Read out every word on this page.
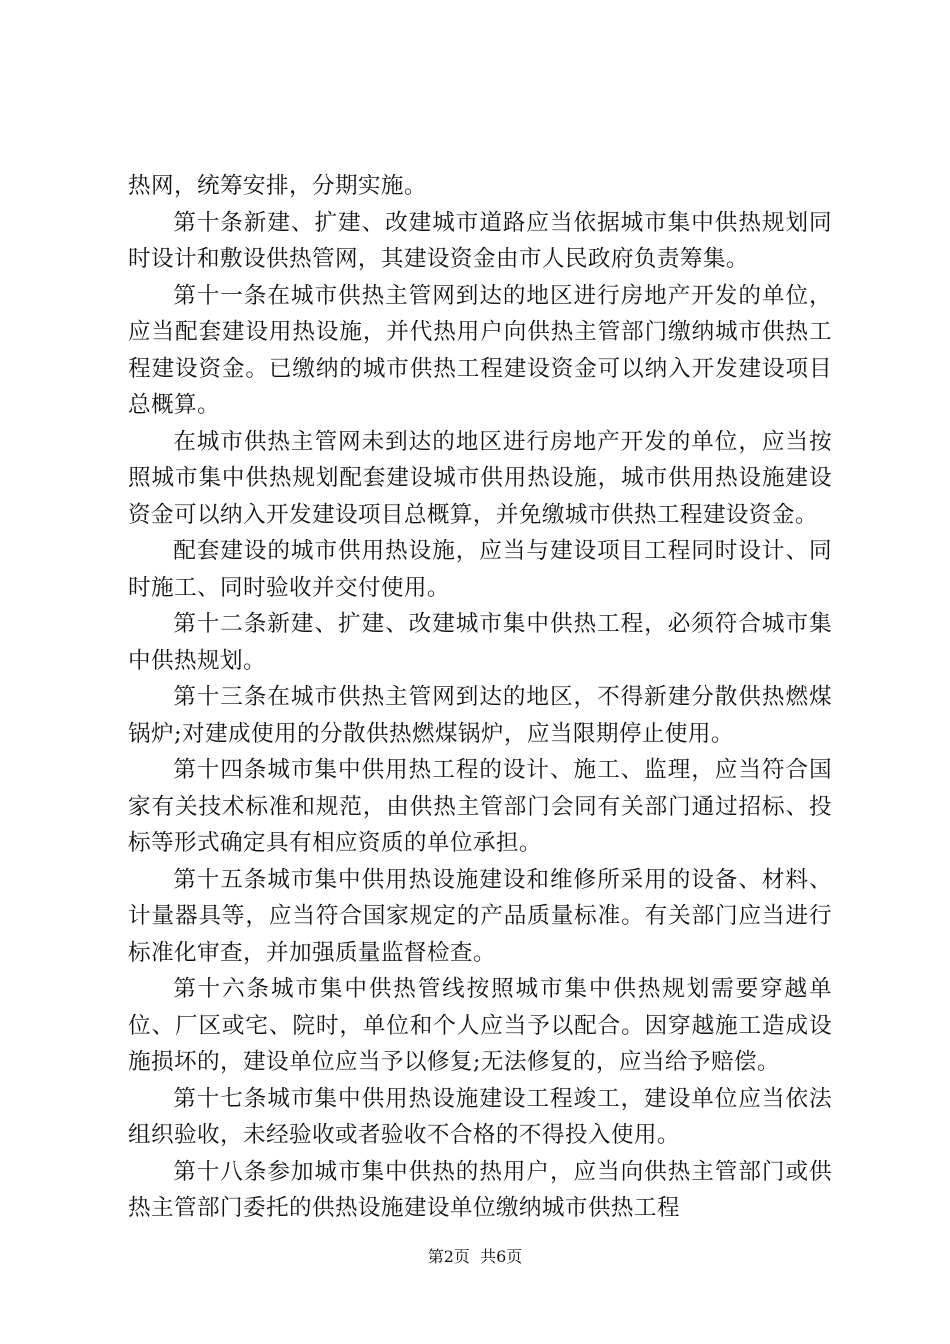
热网，统筹安排，分期实施。

第十条新建、扩建、改建城市道路应当依据城市集中供热规划同时设计和敷设供热管网，其建设资金由市人民政府负责筹集。

第十一条在城市供热主管网到达的地区进行房地产开发的单位，应当配套建设用热设施，并代热用户向供热主管部门缴纳城市供热工程建设资金。已缴纳的城市供热工程建设资金可以纳入开发建设项目总概算。

在城市供热主管网未到达的地区进行房地产开发的单位，应当按照城市集中供热规划配套建设城市供用热设施，城市供用热设施建设资金可以纳入开发建设项目总概算，并免缴城市供热工程建设资金。

配套建设的城市供用热设施，应当与建设项目工程同时设计、同时施工、同时验收并交付使用。

第十二条新建、扩建、改建城市集中供热工程，必须符合城市集中供热规划。

第十三条在城市供热主管网到达的地区，不得新建分散供热燃煤锅炉;对建成使用的分散供热燃煤锅炉，应当限期停止使用。

第十四条城市集中供用热工程的设计、施工、监理，应当符合国家有关技术标准和规范，由供热主管部门会同有关部门通过招标、投标等形式确定具有相应资质的单位承担。

第十五条城市集中供用热设施建设和维修所采用的设备、材料、计量器具等，应当符合国家规定的产品质量标准。有关部门应当进行标准化审查，并加强质量监督检查。

第十六条城市集中供热管线按照城市集中供热规划需要穿越单位、厂区或宅、院时，单位和个人应当予以配合。因穿越施工造成设施损坏的，建设单位应当予以修复;无法修复的，应当给予赔偿。

第十七条城市集中供用热设施建设工程竣工，建设单位应当依法组织验收，未经验收或者验收不合格的不得投入使用。

第十八条参加城市集中供热的热用户，应当向供热主管部门或供热主管部门委托的供热设施建设单位缴纳城市供热工程

第2页 共6页
